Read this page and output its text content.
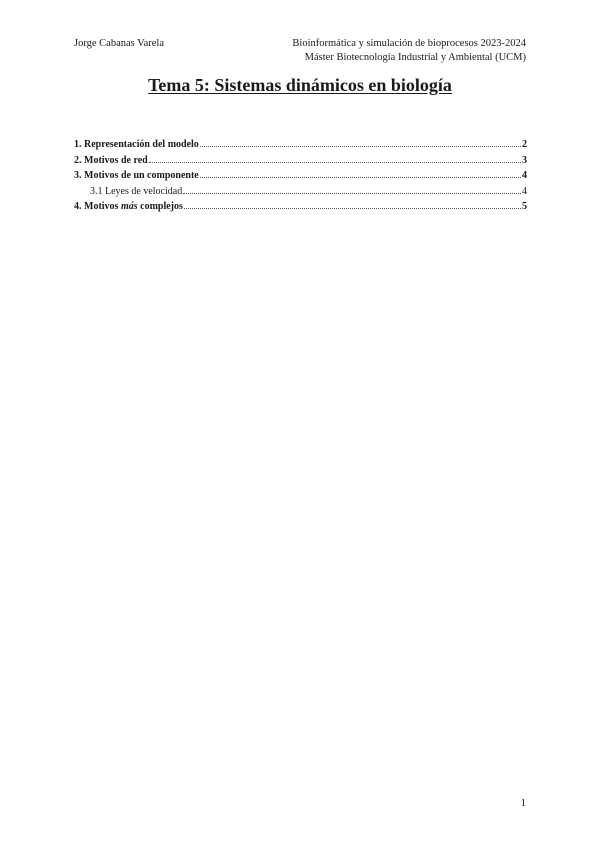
Jorge Cabanas Varela	Bioinformática y simulación de bioprocesos 2023-2024
Máster Biotecnología Industrial y Ambiental (UCM)
Tema 5: Sistemas dinámicos en biología
1. Representación del modelo	2
2. Motivos de red	3
3. Motivos de un componente	4
3.1 Leyes de velocidad	4
4. Motivos más complejos	5
1
